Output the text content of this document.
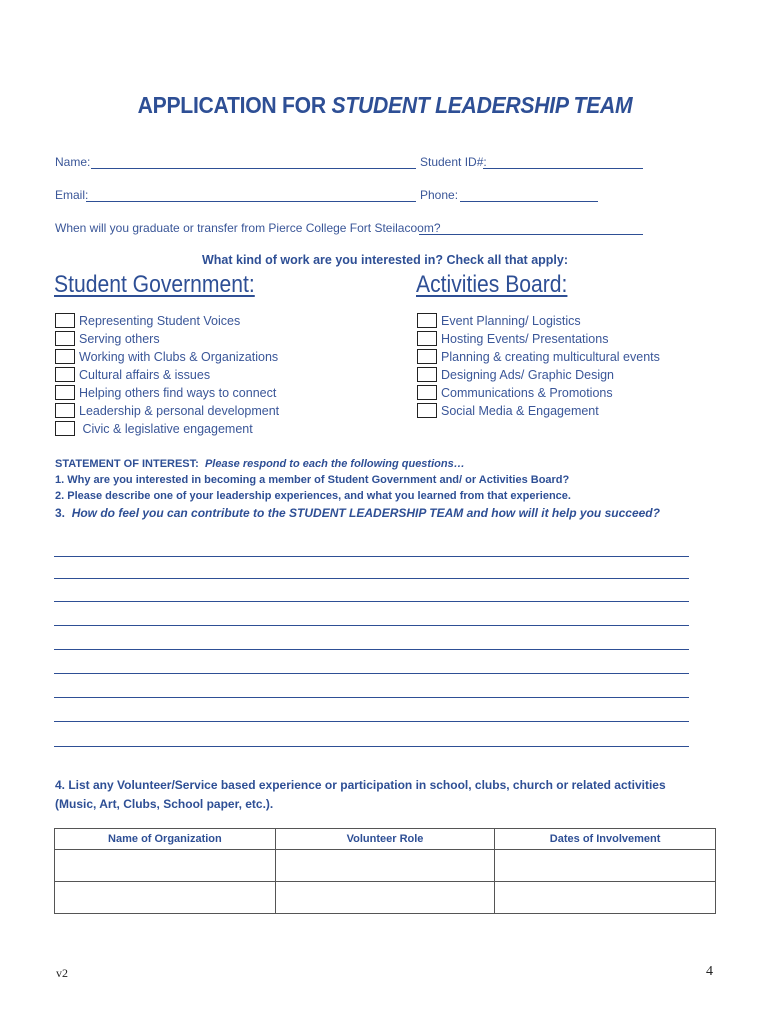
APPLICATION FOR STUDENT LEADERSHIP TEAM
Name:	Student ID#:
Email:	Phone:
When will you graduate or transfer from Pierce College Fort Steilacoom?
What kind of work are you interested in? Check all that apply:
Student Government:	Activities Board:
Representing Student Voices
Serving others
Working with Clubs & Organizations
Cultural affairs & issues
Helping others find ways to connect
Leadership & personal development
Civic & legislative engagement
Event Planning/ Logistics
Hosting Events/ Presentations
Planning & creating multicultural events
Designing Ads/ Graphic Design
Communications & Promotions
Social Media & Engagement
STATEMENT OF INTEREST: Please respond to each the following questions…
1. Why are you interested in becoming a member of Student Government and/ or Activities Board?
2. Please describe one of your leadership experiences, and what you learned from that experience.
3. How do feel you can contribute to the STUDENT LEADERSHIP TEAM and how will it help you succeed?
4. List any Volunteer/Service based experience or participation in school, clubs, church or related activities
(Music, Art, Clubs, School paper, etc.).
Name of Organization	Volunteer Role	Dates of Involvement

v2	4
